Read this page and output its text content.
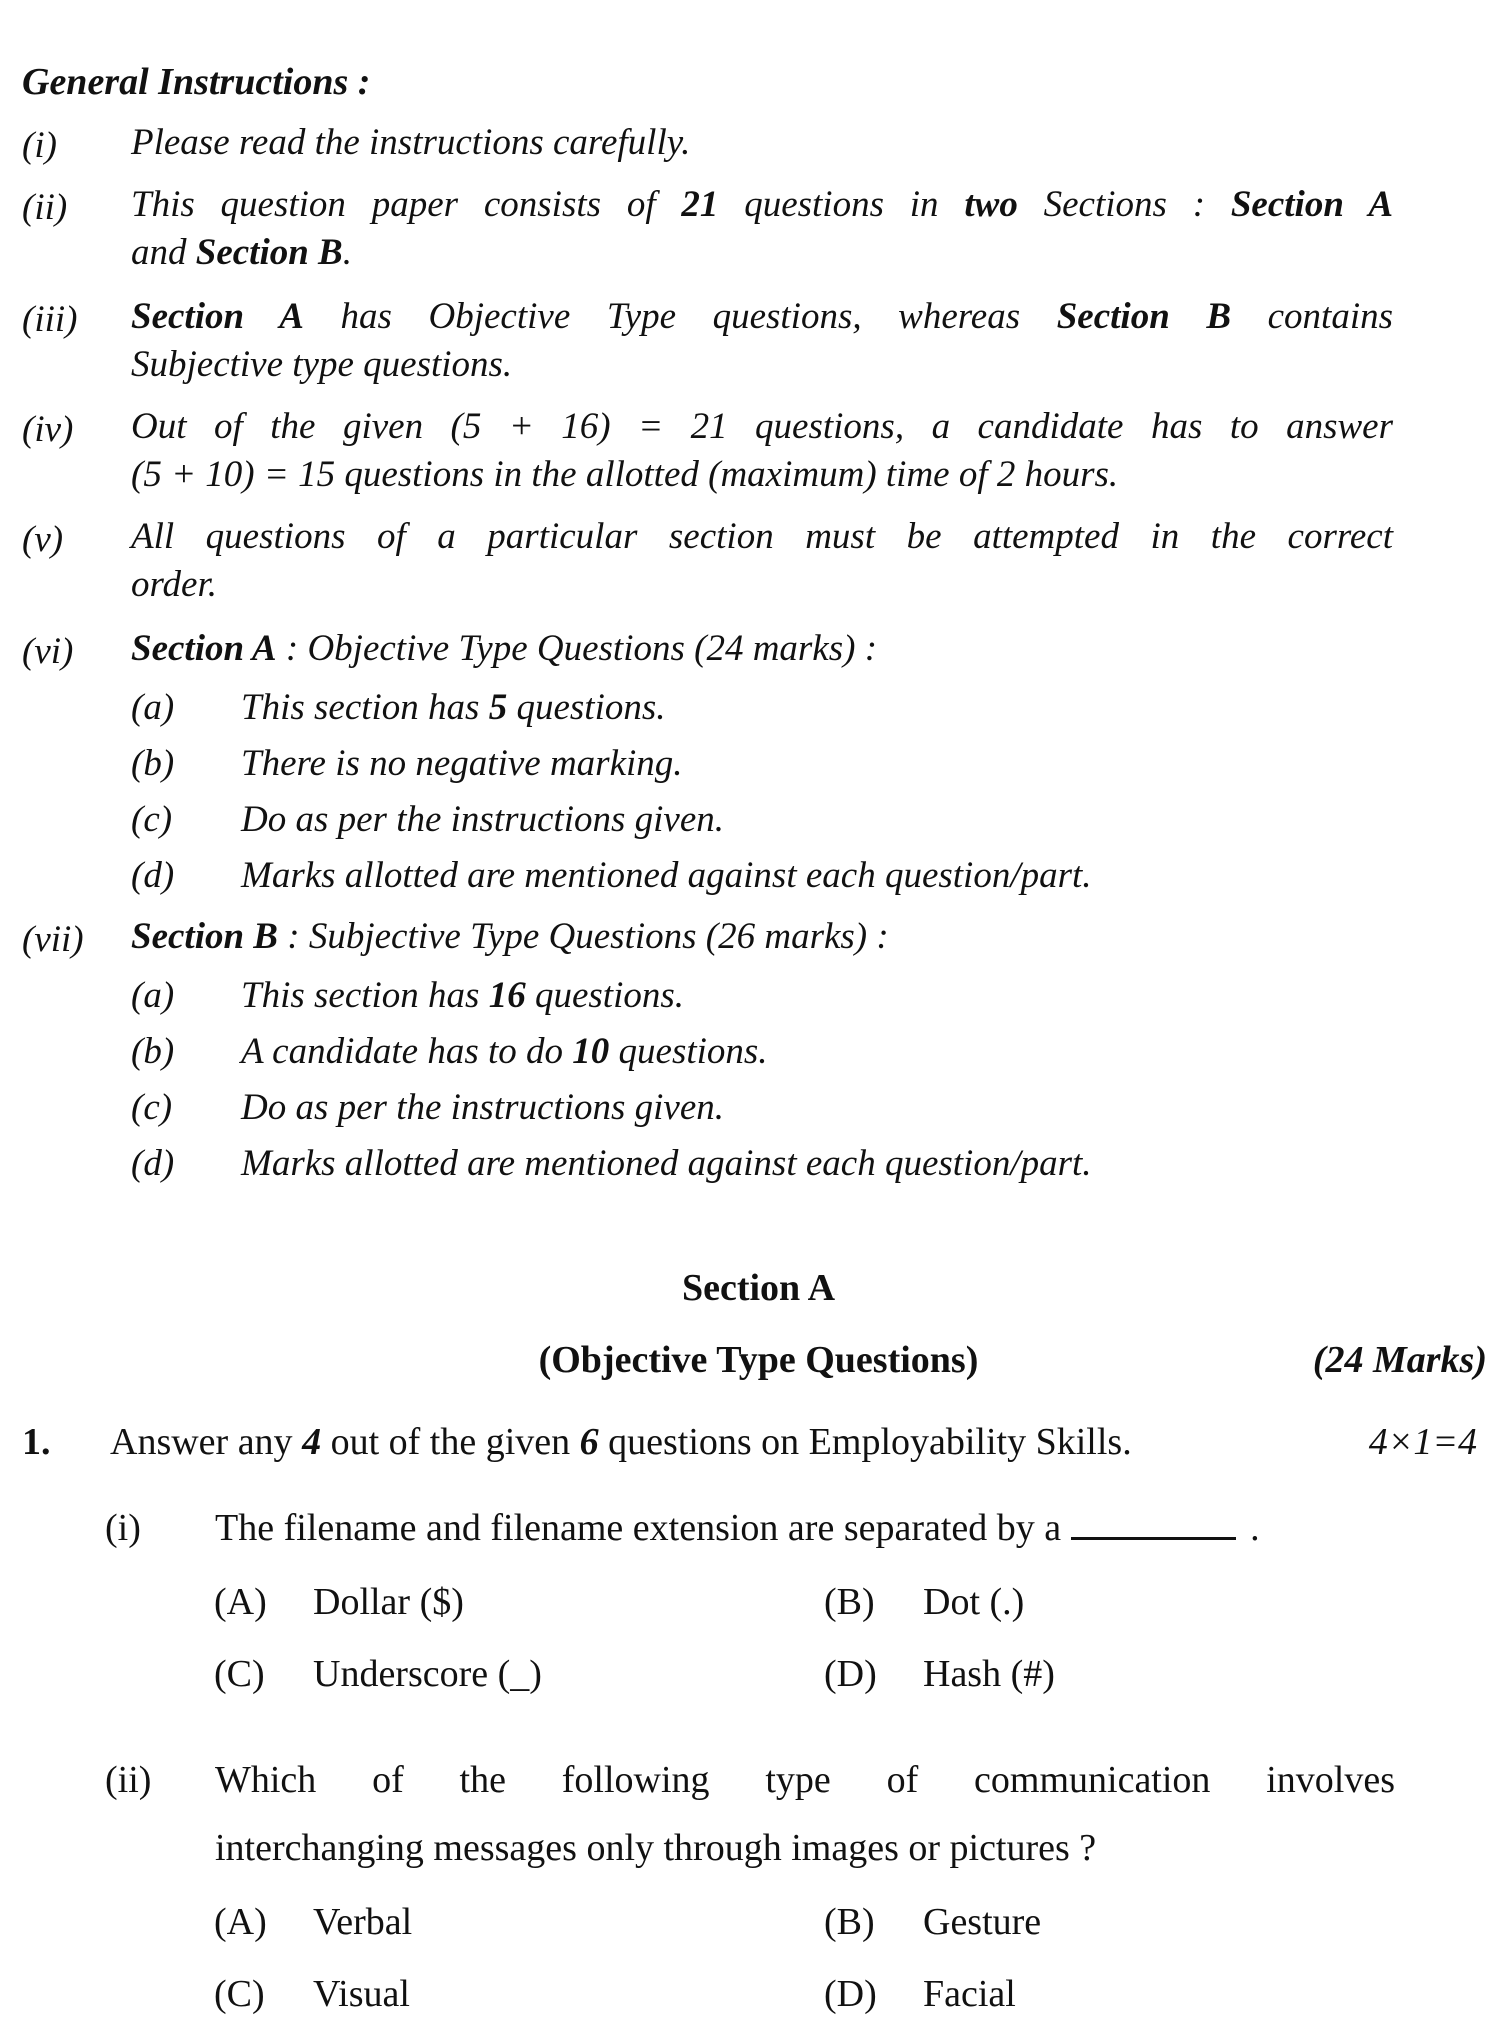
General Instructions :
(i) Please read the instructions carefully.
(ii) This question paper consists of 21 questions in two Sections : Section A
and Section B.
(iii) Section A has Objective Type questions, whereas Section B contains
Subjective type questions.
(iv) Out of the given (5 + 16) = 21 questions, a candidate has to answer
(5 + 10) = 15 questions in the allotted (maximum) time of 2 hours.
(v) All questions of a particular section must be attempted in the correct
order.
(vi) Section A : Objective Type Questions (24 marks) :
(a) This section has 5 questions.
(b) There is no negative marking.
(c) Do as per the instructions given.
(d) Marks allotted are mentioned against each question/part.
(vii) Section B : Subjective Type Questions (26 marks) :
(a) This section has 16 questions.
(b) A candidate has to do 10 questions.
(c) Do as per the instructions given.
(d) Marks allotted are mentioned against each question/part.
Section A
(Objective Type Questions)	(24 Marks)
1. Answer any 4 out of the given 6 questions on Employability Skills.	4×1=4
(i) The filename and filename extension are separated by a	.
(A) Dollar ($)	(B) Dot (.)
(C) Underscore (_)	(D) Hash (#)
(ii) Which of the following type of communication involves
interchanging messages only through images or pictures ?
(A) Verbal	(B) Gesture
(C) Visual	(D) Facial
